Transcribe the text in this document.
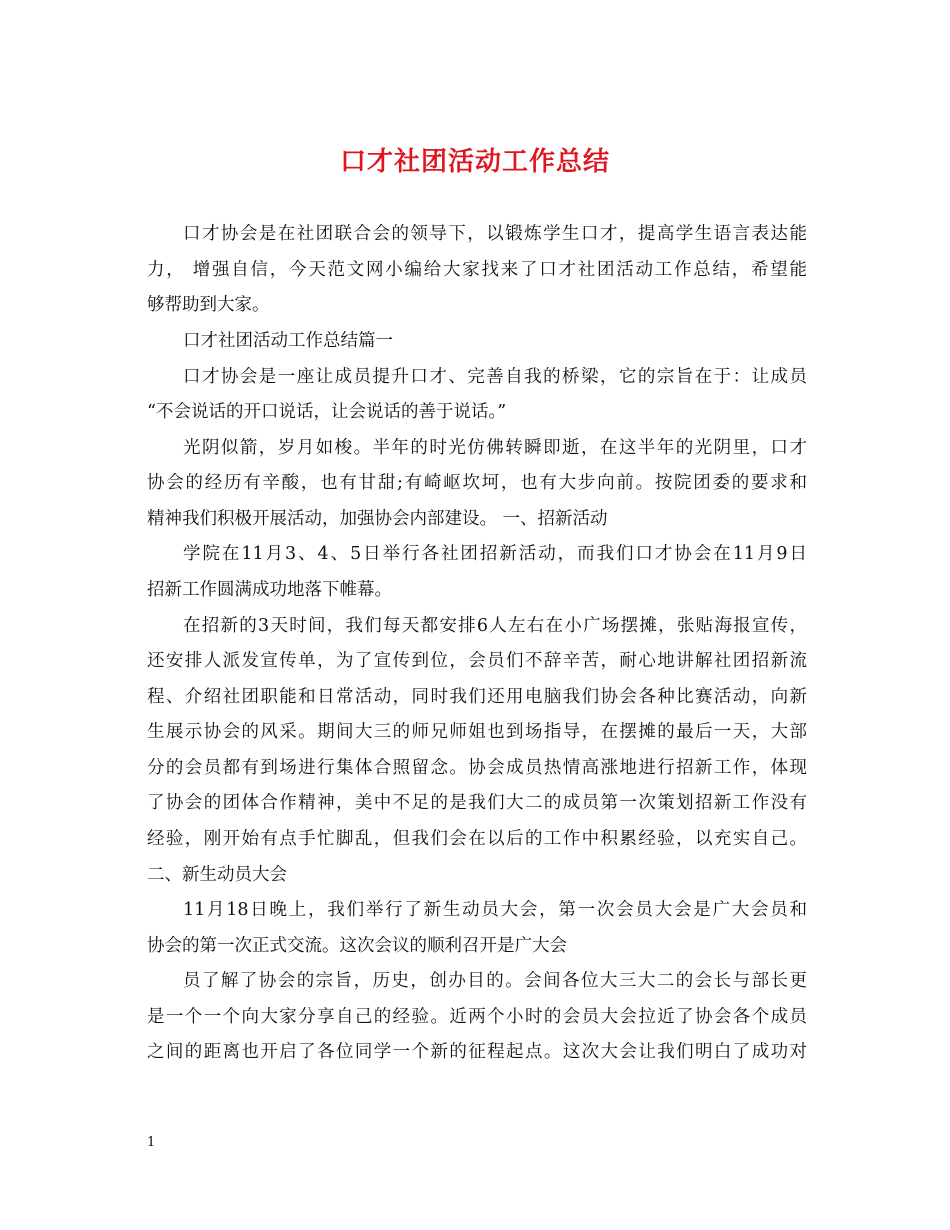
口才社团活动工作总结
口才协会是在社团联合会的领导下，以锻炼学生口才，提高学生语言表达能
力， 增强自信，今天范文网小编给大家找来了口才社团活动工作总结，希望能
够帮助到大家。
口才社团活动工作总结篇一
口才协会是一座让成员提升口才、完善自我的桥梁，它的宗旨在于：让成员
“不会说话的开口说话，让会说话的善于说话。”
光阴似箭，岁月如梭。半年的时光仿佛转瞬即逝，在这半年的光阴里，口才
协会的经历有辛酸，也有甘甜;有崎岖坎坷，也有大步向前。按院团委的要求和
精神我们积极开展活动，加强协会内部建设。 一、招新活动
学院在11月3、4、5日举行各社团招新活动，而我们口才协会在11月9日
招新工作圆满成功地落下帷幕。
在招新的3天时间，我们每天都安排6人左右在小广场摆摊，张贴海报宣传，
还安排人派发宣传单，为了宣传到位，会员们不辞辛苦，耐心地讲解社团招新流
程、介绍社团职能和日常活动，同时我们还用电脑我们协会各种比赛活动，向新
生展示协会的风采。期间大三的师兄师姐也到场指导，在摆摊的最后一天，大部
分的会员都有到场进行集体合照留念。协会成员热情高涨地进行招新工作，体现
了协会的团体合作精神，美中不足的是我们大二的成员第一次策划招新工作没有
经验，刚开始有点手忙脚乱，但我们会在以后的工作中积累经验，以充实自己。
二、新生动员大会
11月18日晚上，我们举行了新生动员大会，第一次会员大会是广大会员和
协会的第一次正式交流。这次会议的顺利召开是广大会
员了解了协会的宗旨，历史，创办目的。会间各位大三大二的会长与部长更
是一个一个向大家分享自己的经验。近两个小时的会员大会拉近了协会各个成员
之间的距离也开启了各位同学一个新的征程起点。这次大会让我们明白了成功对
1
